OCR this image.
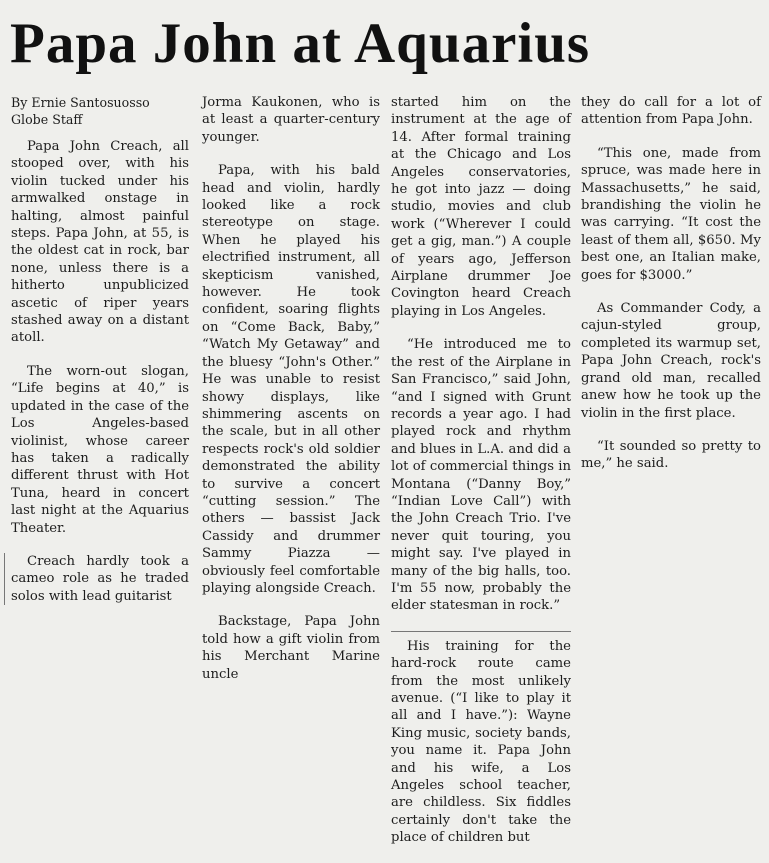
Papa John at Aquarius
By Ernie Santosuosso
Globe Staff

Papa John Creach, all stooped over, with his violin tucked under his armwalked onstage in halting, almost painful steps. Papa John, at 55, is the oldest cat in rock, bar none, unless there is a hitherto unpublicized ascetic of riper years stashed away on a distant atoll.

The worn-out slogan, “Life begins at 40,” is updated in the case of the Los Angeles-based violinist, whose career has taken a radically different thrust with Hot Tuna, heard in concert last night at the Aquarius Theater.

Creach hardly took a cameo role as he traded solos with lead guitarist

Jorma Kaukonen, who is at least a quarter-century younger.

Papa, with his bald head and violin, hardly looked like a rock stereotype on stage. When he played his electrified instrument, all skepticism vanished, however. He took confident, soaring flights on “Come Back, Baby,” “Watch My Getaway” and the bluesy “John's Other.” He was unable to resist showy displays, like shimmering ascents on the scale, but in all other respects rock's old soldier demonstrated the ability to survive a concert “cutting session.” The others — bassist Jack Cassidy and drummer Sammy Piazza — obviously feel comfortable playing alongside Creach.

Backstage, Papa John told how a gift violin from his Merchant Marine uncle

started him on the instrument at the age of 14. After formal training at the Chicago and Los Angeles conservatories, he got into jazz — doing studio, movies and club work (“Wherever I could get a gig, man.”) A couple of years ago, Jefferson Airplane drummer Joe Covington heard Creach playing in Los Angeles.

“He introduced me to the rest of the Airplane in San Francisco,” said John, “and I signed with Grunt records a year ago. I had played rock and rhythm and blues in L.A. and did a lot of commercial things in Montana (“Danny Boy,” “Indian Love Call”) with the John Creach Trio. I've never quit touring, you might say. I've played in many of the big halls, too. I'm 55 now, probably the elder statesman in rock.”

His training for the hard-rock route came from the most unlikely avenue. (“I like to play it all and I have.”): Wayne King music, society bands, you name it. Papa John and his wife, a Los Angeles school teacher, are childless. Six fiddles certainly don't take the place of children but

they do call for a lot of attention from Papa John.

“This one, made from spruce, was made here in Massachusetts,” he said, brandishing the violin he was carrying. “It cost the least of them all, $650. My best one, an Italian make, goes for $3000.”

As Commander Cody, a cajun-styled group, completed its warmup set, Papa John Creach, rock's grand old man, recalled anew how he took up the violin in the first place.

“It sounded so pretty to me,” he said.
